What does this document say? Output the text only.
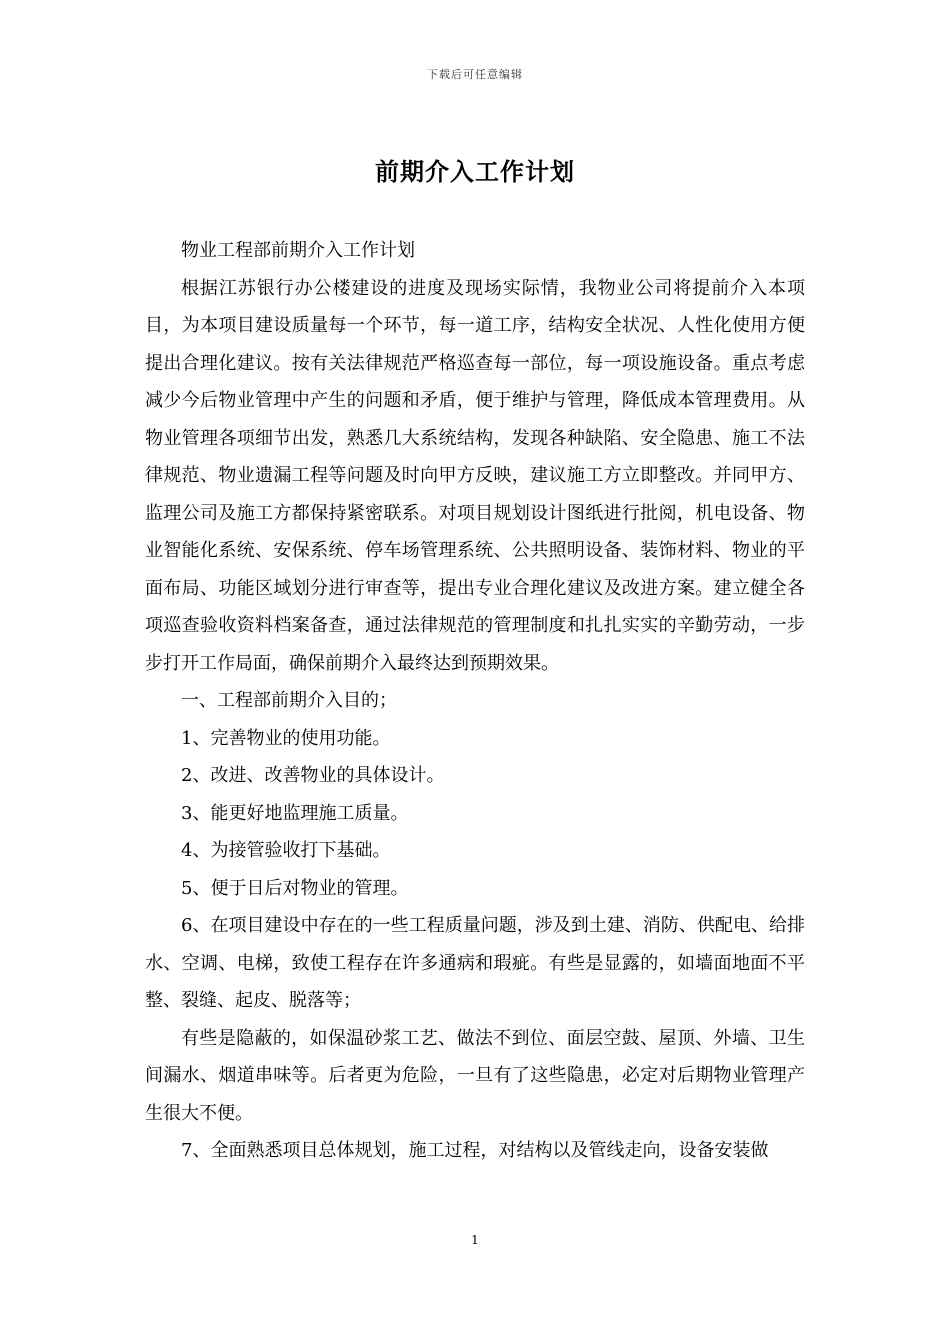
下载后可任意编辑
前期介入工作计划

物业工程部前期介入工作计划

根据江苏银行办公楼建设的进度及现场实际情，我物业公司将提前介入本项目，为本项目建设质量每一个环节，每一道工序，结构安全状况、人性化使用方便提出合理化建议。按有关法律规范严格巡查每一部位，每一项设施设备。重点考虑减少今后物业管理中产生的问题和矛盾，便于维护与管理，降低成本管理费用。从物业管理各项细节出发，熟悉几大系统结构，发现各种缺陷、安全隐患、施工不法律规范、物业遗漏工程等问题及时向甲方反映，建议施工方立即整改。并同甲方、监理公司及施工方都保持紧密联系。对项目规划设计图纸进行批阅，机电设备、物业智能化系统、安保系统、停车场管理系统、公共照明设备、装饰材料、物业的平面布局、功能区域划分进行审查等，提出专业合理化建议及改进方案。建立健全各项巡查验收资料档案备查，通过法律规范的管理制度和扎扎实实的辛勤劳动，一步步打开工作局面，确保前期介入最终达到预期效果。

一、工程部前期介入目的；

1、完善物业的使用功能。

2、改进、改善物业的具体设计。

3、能更好地监理施工质量。

4、为接管验收打下基础。

5、便于日后对物业的管理。

6、在项目建设中存在的一些工程质量问题，涉及到土建、消防、供配电、给排水、空调、电梯，致使工程存在许多通病和瑕疵。有些是显露的，如墙面地面不平整、裂缝、起皮、脱落等；

有些是隐蔽的，如保温砂浆工艺、做法不到位、面层空鼓、屋顶、外墙、卫生间漏水、烟道串味等。后者更为危险，一旦有了这些隐患，必定对后期物业管理产生很大不便。

7、全面熟悉项目总体规划，施工过程，对结构以及管线走向，设备安装做

1
